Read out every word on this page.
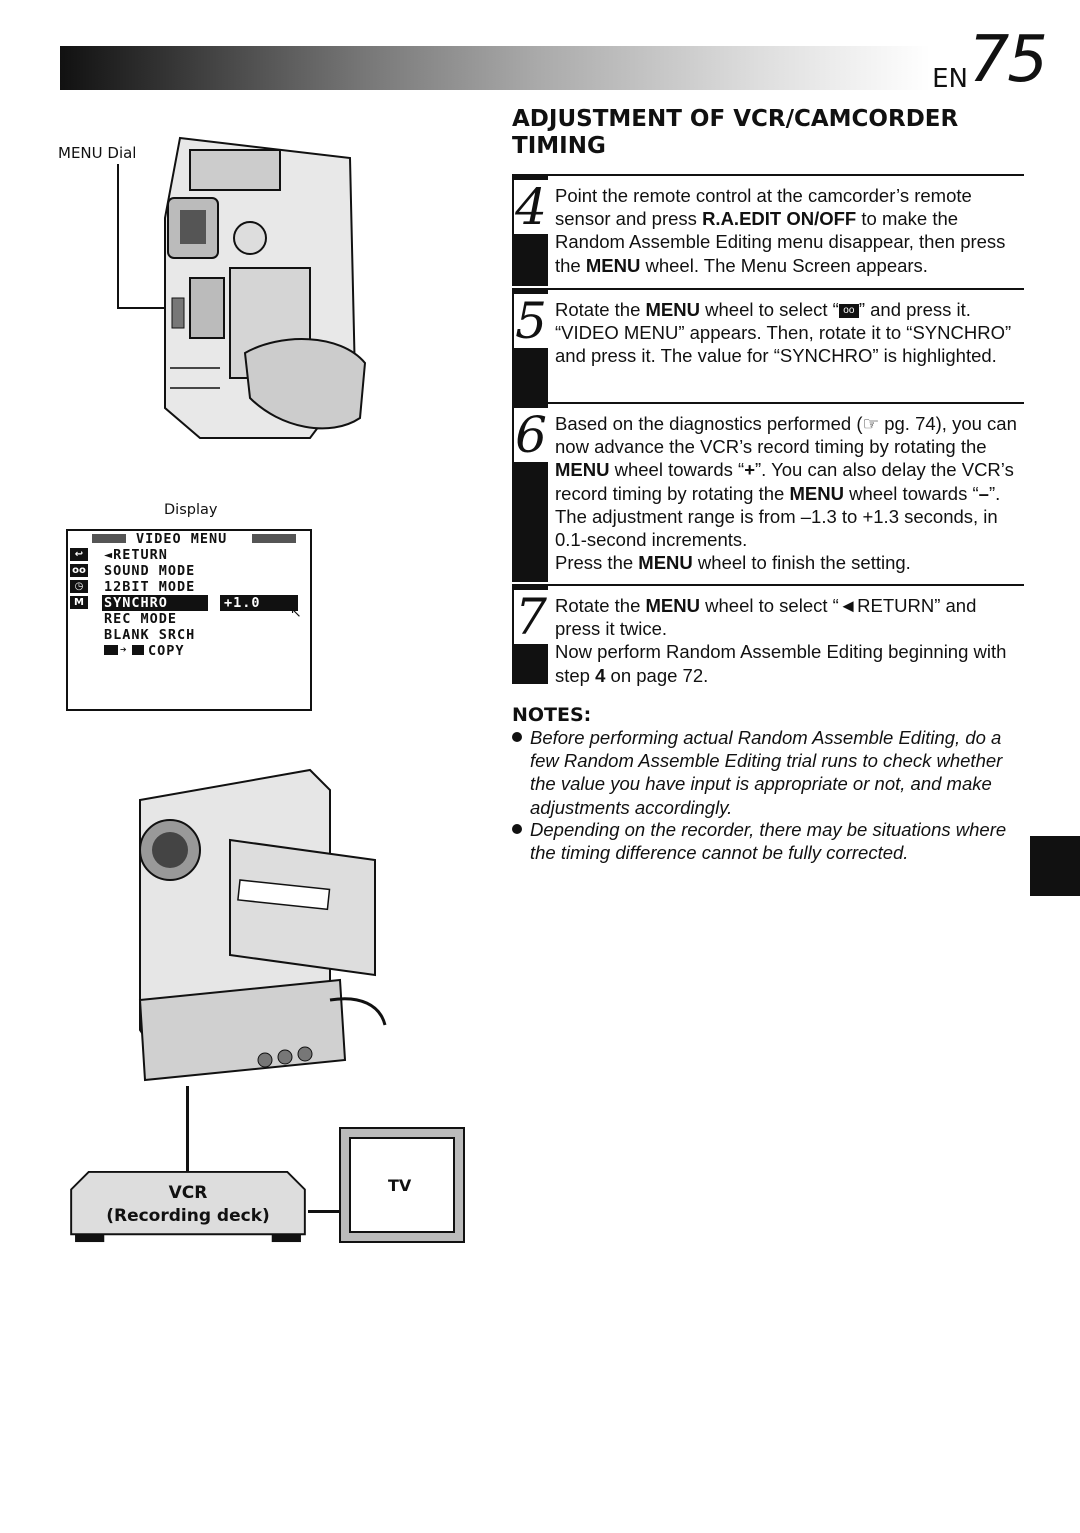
EN 75
MENU Dial
Display
VIDEO MENU
↩
oo
◷
M
◄RETURN
SOUND MODE
12BIT MODE
SYNCHRO	+1.0
REC MODE
BLANK SRCH
➔ COPY
↖
VCR
(Recording deck)
TV
ADJUSTMENT OF VCR/CAMCORDER
TIMING
4 Point the remote control at the camcorder’s remote sensor and press R.A.EDIT ON/OFF to make the Random Assemble Editing menu disappear, then press the MENU wheel. The Menu Screen appears.

5 Rotate the MENU wheel to select “ oo ” and press it. “VIDEO MENU” appears. Then, rotate it to “SYNCHRO” and press it. The value for “SYNCHRO” is highlighted.

6 Based on the diagnostics performed (☞ pg. 74), you can now advance the VCR’s record timing by rotating the MENU wheel towards “+”. You can also delay the VCR’s record timing by rotating the MENU wheel towards “–”. The adjustment range is from –1.3 to +1.3 seconds, in 0.1-second increments.

Press the MENU wheel to finish the setting.

7 Rotate the MENU wheel to select “◄RETURN” and press it twice.

Now perform Random Assemble Editing beginning with step 4 on page 72.

NOTES:
Before performing actual Random Assemble Editing, do a few Random Assemble Editing trial runs to check whether the value you have input is appropriate or not, and make adjustments accordingly.
Depending on the recorder, there may be situations where the timing difference cannot be fully corrected.
